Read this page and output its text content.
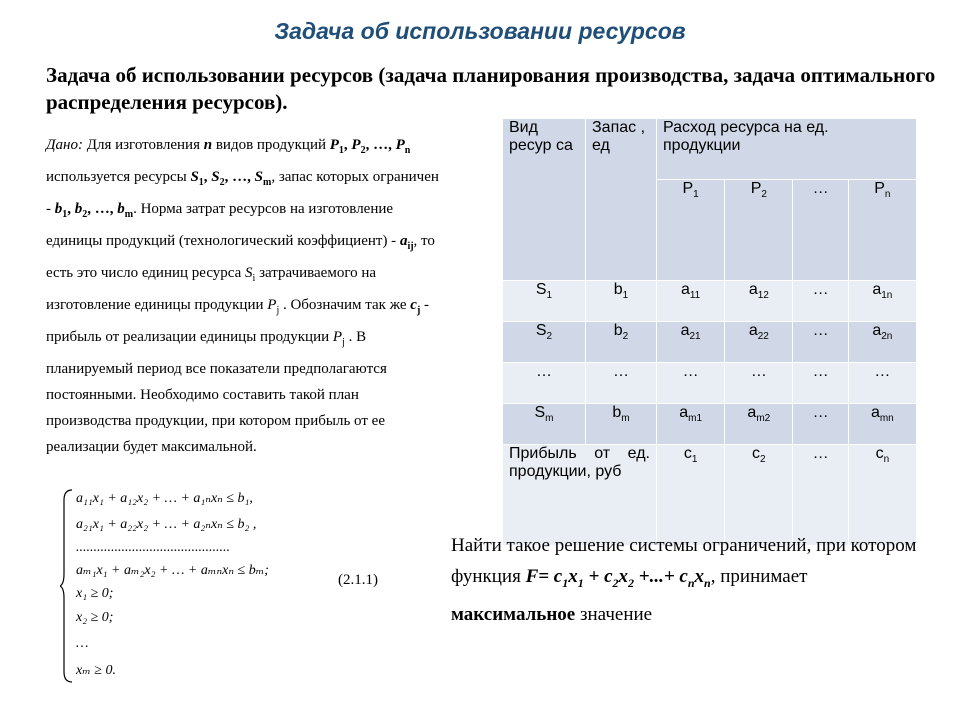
Задача об использовании ресурсов
Задача об использовании ресурсов (задача планирования производства, задача оптимального распределения ресурсов).
Дано: Для изготовления n видов продукций $P_1$, $P_2$, …, $P_n$ используется ресурсы $S_1$, $S_2$, …, $S_m$, запас которых ограничен - $b_1$, $b_2$, …, $b_m$. Норма затрат ресурсов на изготовление единицы продукций (технологический коэффициент) - $a_{ij}$, то есть это число единиц ресурса $S_i$ затрачиваемого на изготовление единицы продукции $P_j$ . Обозначим так же $c_j$ - прибыль от реализации единицы продукции $P_j$ . В планируемый период все показатели предполагаются постоянными. Необходимо составить такой план производства продукции, при котором прибыль от ее реализации будет максимальной.
a₁₁x₁ + a₁₂x₂ + … + a₁ₙxₙ ≤ b₁,
a₂₁x₁ + a₂₂x₂ + … + a₂ₙxₙ ≤ b₂ ,
............................................
aₘ₁x₁ + aₘ₂x₂ + … + aₘₙxₙ ≤ bₘ;
x₁ ≥ 0;
x₂ ≥ 0;
…
xₘ ≥ 0.
(2.1.1)
Вид ресур са	Запас , ед	Расход ресурса на ед. продукции			
		$P_1$	$P_2$	…	$P_n$
$S_1$	$b_1$	$a_{11}$	$a_{12}$	…	$a_{1n}$
$S_2$	$b_2$	$a_{21}$	$a_{22}$	…	$a_{2n}$
…	…	…	…	…	…
$S_m$	$b_m$	$a_{m1}$	$a_{m2}$	…	$a_{mn}$
Прибыль от ед. продукции, руб		$c_1$	$c_2$	…	$c_n$
Найти такое решение системы ограничений, при котором функция $F= c_1x_1 + c_2x_2$ +...+ $c_nx_n$, принимает максимальное значение
